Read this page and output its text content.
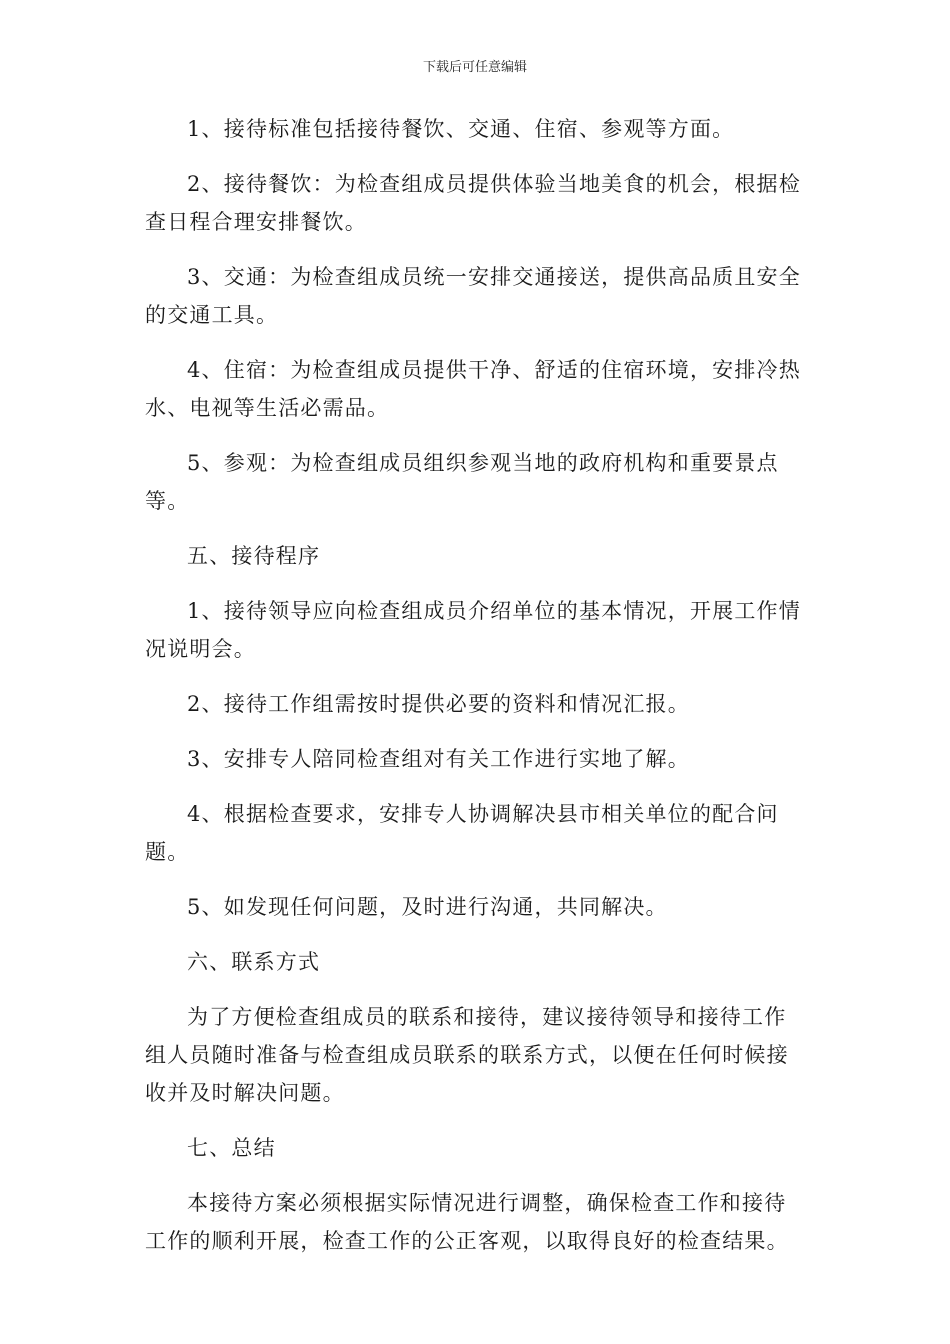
下载后可任意编辑

1、接待标准包括接待餐饮、交通、住宿、参观等方面。

2、接待餐饮：为检查组成员提供体验当地美食的机会，根据检
查日程合理安排餐饮。

3、交通：为检查组成员统一安排交通接送，提供高品质且安全
的交通工具。

4、住宿：为检查组成员提供干净、舒适的住宿环境，安排冷热
水、电视等生活必需品。

5、参观：为检查组成员组织参观当地的政府机构和重要景点等。

五、接待程序

1、接待领导应向检查组成员介绍单位的基本情况，开展工作情
况说明会。

2、接待工作组需按时提供必要的资料和情况汇报。

3、安排专人陪同检查组对有关工作进行实地了解。

4、根据检查要求，安排专人协调解决县市相关单位的配合问题。

5、如发现任何问题，及时进行沟通，共同解决。

六、联系方式

为了方便检查组成员的联系和接待，建议接待领导和接待工作
组人员随时准备与检查组成员联系的联系方式，以便在任何时候接
收并及时解决问题。

七、总结

本接待方案必须根据实际情况进行调整，确保检查工作和接待
工作的顺利开展，检查工作的公正客观，以取得良好的检查结果。
